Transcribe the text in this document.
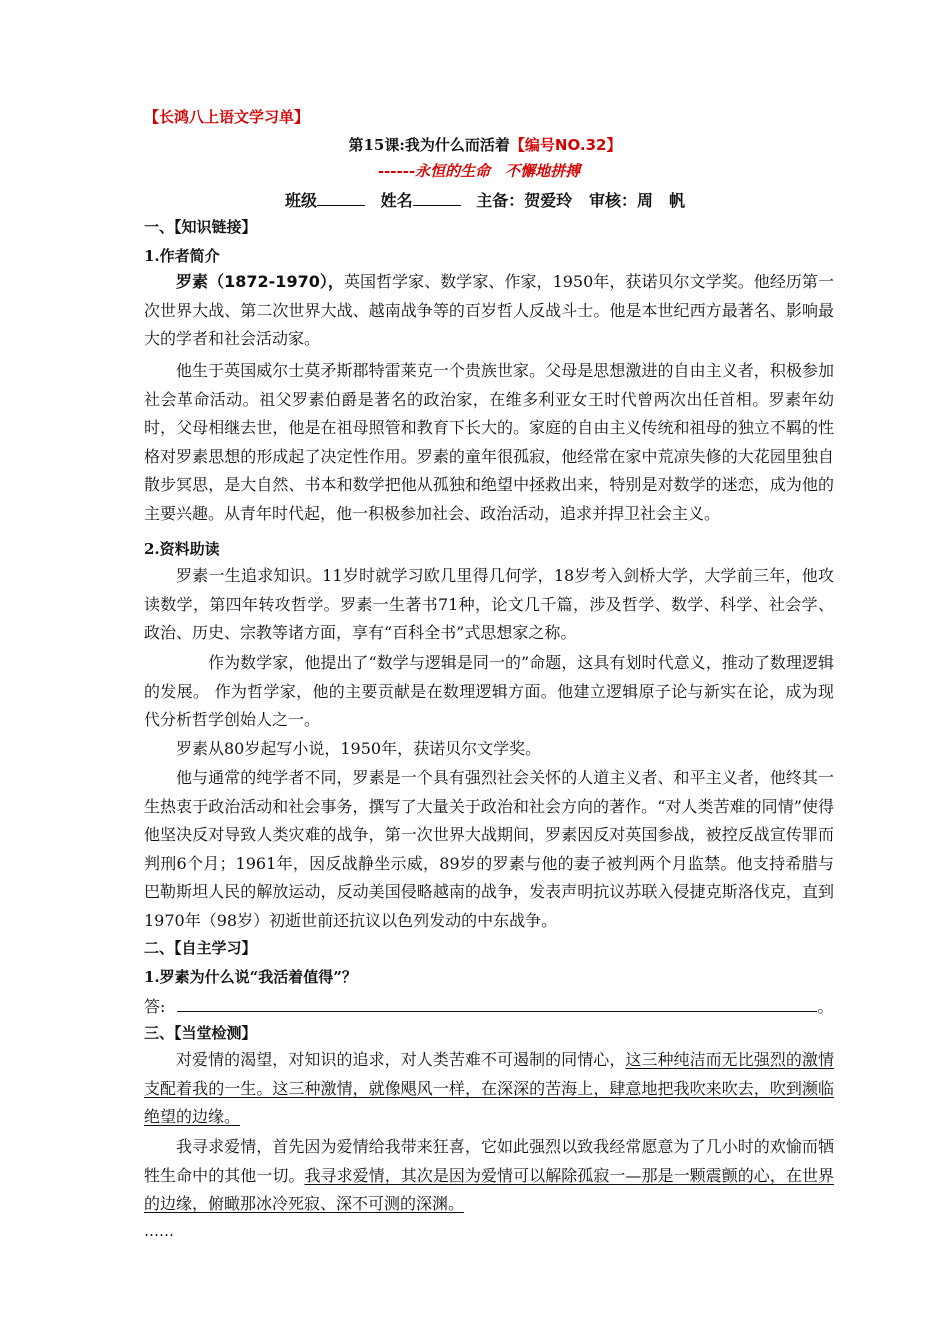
【长鸿八上语文学习单】
第15课:我为什么而活着【编号NO.32】
------永恒的生命　不懈地拼搏
班级	姓名	主备：贺爱玲 审核：周　帆
一、【知识链接】
1.作者简介
罗素（1872-1970），英国哲学家、数学家、作家，1950年，获诺贝尔文学奖。他经历第一次世界大战、第二次世界大战、越南战争等的百岁哲人反战斗士。他是本世纪西方最著名、影响最大的学者和社会活动家。
他生于英国威尔士莫矛斯郡特雷莱克一个贵族世家。父母是思想激进的自由主义者，积极参加社会革命活动。祖父罗素伯爵是著名的政治家，在维多利亚女王时代曾两次出任首相。罗素年幼时，父母相继去世，他是在祖母照管和教育下长大的。家庭的自由主义传统和祖母的独立不羁的性格对罗素思想的形成起了决定性作用。罗素的童年很孤寂，他经常在家中荒凉失修的大花园里独自散步冥思，是大自然、书本和数学把他从孤独和绝望中拯救出来，特别是对数学的迷恋，成为他的主要兴趣。从青年时代起，他一积极参加社会、政治活动，追求并捍卫社会主义。
2.资料助读
罗素一生追求知识。11岁时就学习欧几里得几何学，18岁考入剑桥大学，大学前三年，他攻读数学，第四年转攻哲学。罗素一生著书71种，论文几千篇，涉及哲学、数学、科学、社会学、政治、历史、宗教等诸方面，享有“百科全书”式思想家之称。
　　作为数学家，他提出了“数学与逻辑是同一的”命题，这具有划时代意义，推动了数理逻辑的发展。 作为哲学家，他的主要贡献是在数理逻辑方面。他建立逻辑原子论与新实在论，成为现代分析哲学创始人之一。
罗素从80岁起写小说，1950年，获诺贝尔文学奖。
他与通常的纯学者不同，罗素是一个具有强烈社会关怀的人道主义者、和平主义者，他终其一生热衷于政治活动和社会事务，撰写了大量关于政治和社会方向的著作。“对人类苦难的同情”使得他坚决反对导致人类灾难的战争，第一次世界大战期间，罗素因反对英国参战，被控反战宣传罪而判刑6个月；1961年，因反战静坐示威，89岁的罗素与他的妻子被判两个月监禁。他支持希腊与巴勒斯坦人民的解放运动，反动美国侵略越南的战争，发表声明抗议苏联入侵捷克斯洛伐克，直到1970年（98岁）初逝世前还抗议以色列发动的中东战争。
二、【自主学习】
1.罗素为什么说“我活着值得”？
答:	。
三、【当堂检测】
对爱情的渴望，对知识的追求，对人类苦难不可遏制的同情心，这三种纯洁而无比强烈的激情支配着我的一生。这三种激情，就像飓风一样，在深深的苦海上，肆意地把我吹来吹去，吹到濒临绝望的边缘。
我寻求爱情，首先因为爱情给我带来狂喜，它如此强烈以致我经常愿意为了几小时的欢愉而牺牲生命中的其他一切。我寻求爱情，其次是因为爱情可以解除孤寂一—那是一颗震颤的心，在世界的边缘，俯瞰那冰冷死寂、深不可测的深渊。
……
